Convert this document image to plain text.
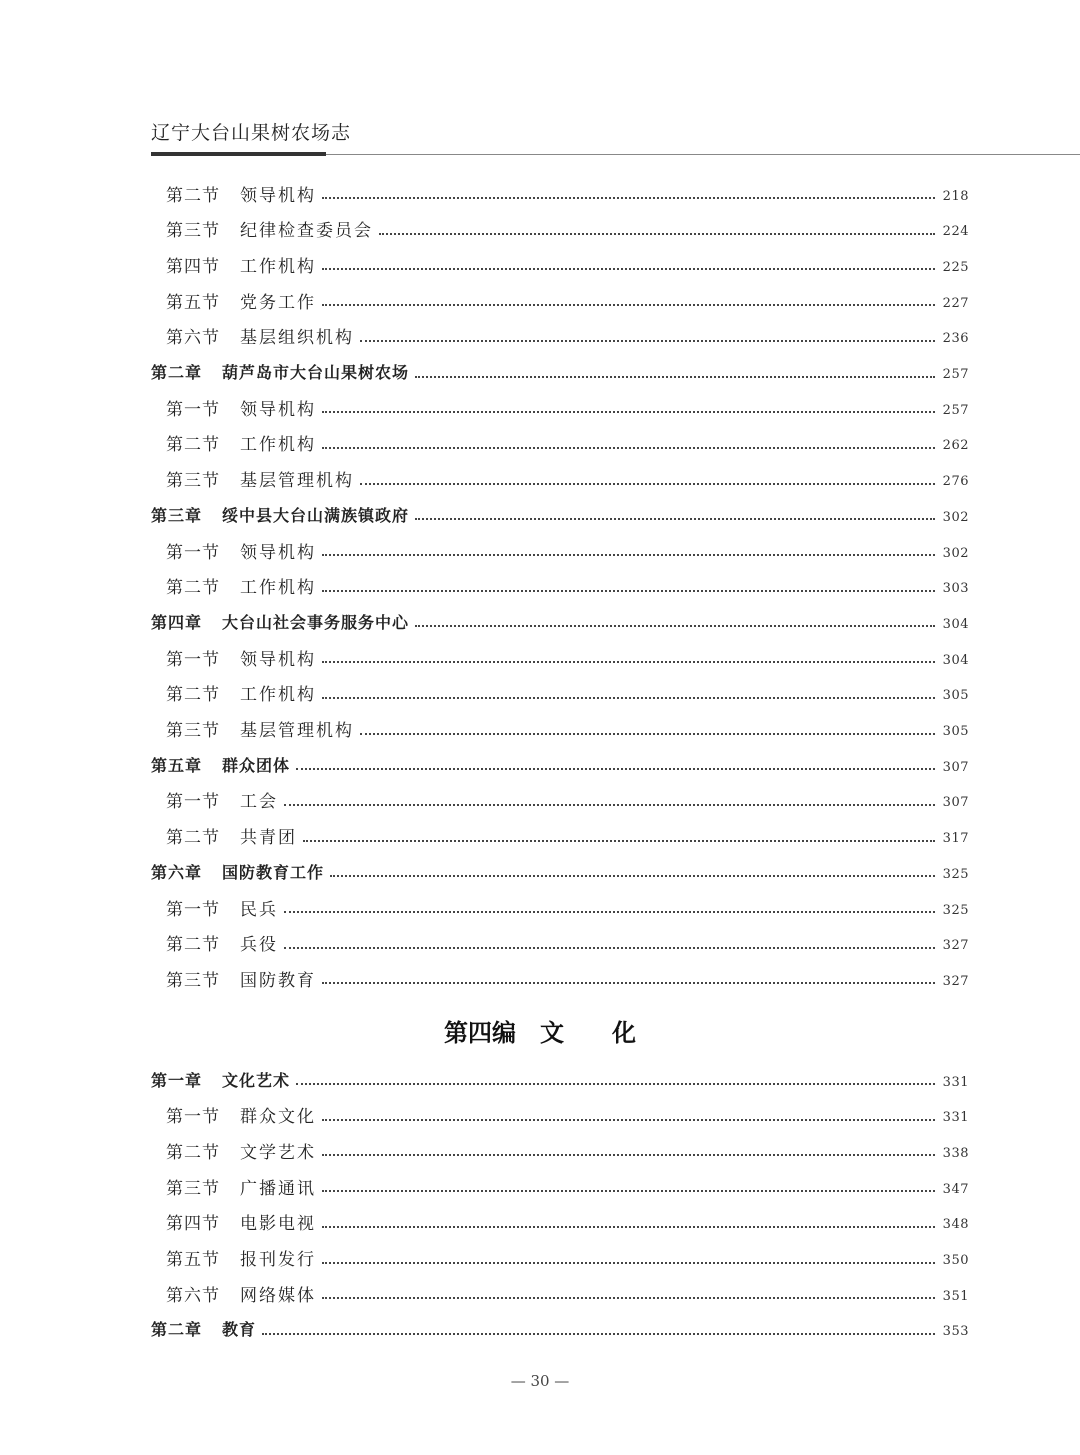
辽宁大台山果树农场志
第二节 领导机构	218
第三节 纪律检查委员会	224
第四节 工作机构	225
第五节 党务工作	227
第六节 基层组织机构	236
第二章 葫芦岛市大台山果树农场	257
第一节 领导机构	257
第二节 工作机构	262
第三节 基层管理机构	276
第三章 绥中县大台山满族镇政府	302
第一节 领导机构	302
第二节 工作机构	303
第四章 大台山社会事务服务中心	304
第一节 领导机构	304
第二节 工作机构	305
第三节 基层管理机构	305
第五章 群众团体	307
第一节 工会	307
第二节 共青团	317
第六章 国防教育工作	325
第一节 民兵	325
第二节 兵役	327
第三节 国防教育	327
第四编　文　　化
第一章 文化艺术	331
第一节 群众文化	331
第二节 文学艺术	338
第三节 广播通讯	347
第四节 电影电视	348
第五节 报刊发行	350
第六节 网络媒体	351
第二章 教育	353
— 30 —
